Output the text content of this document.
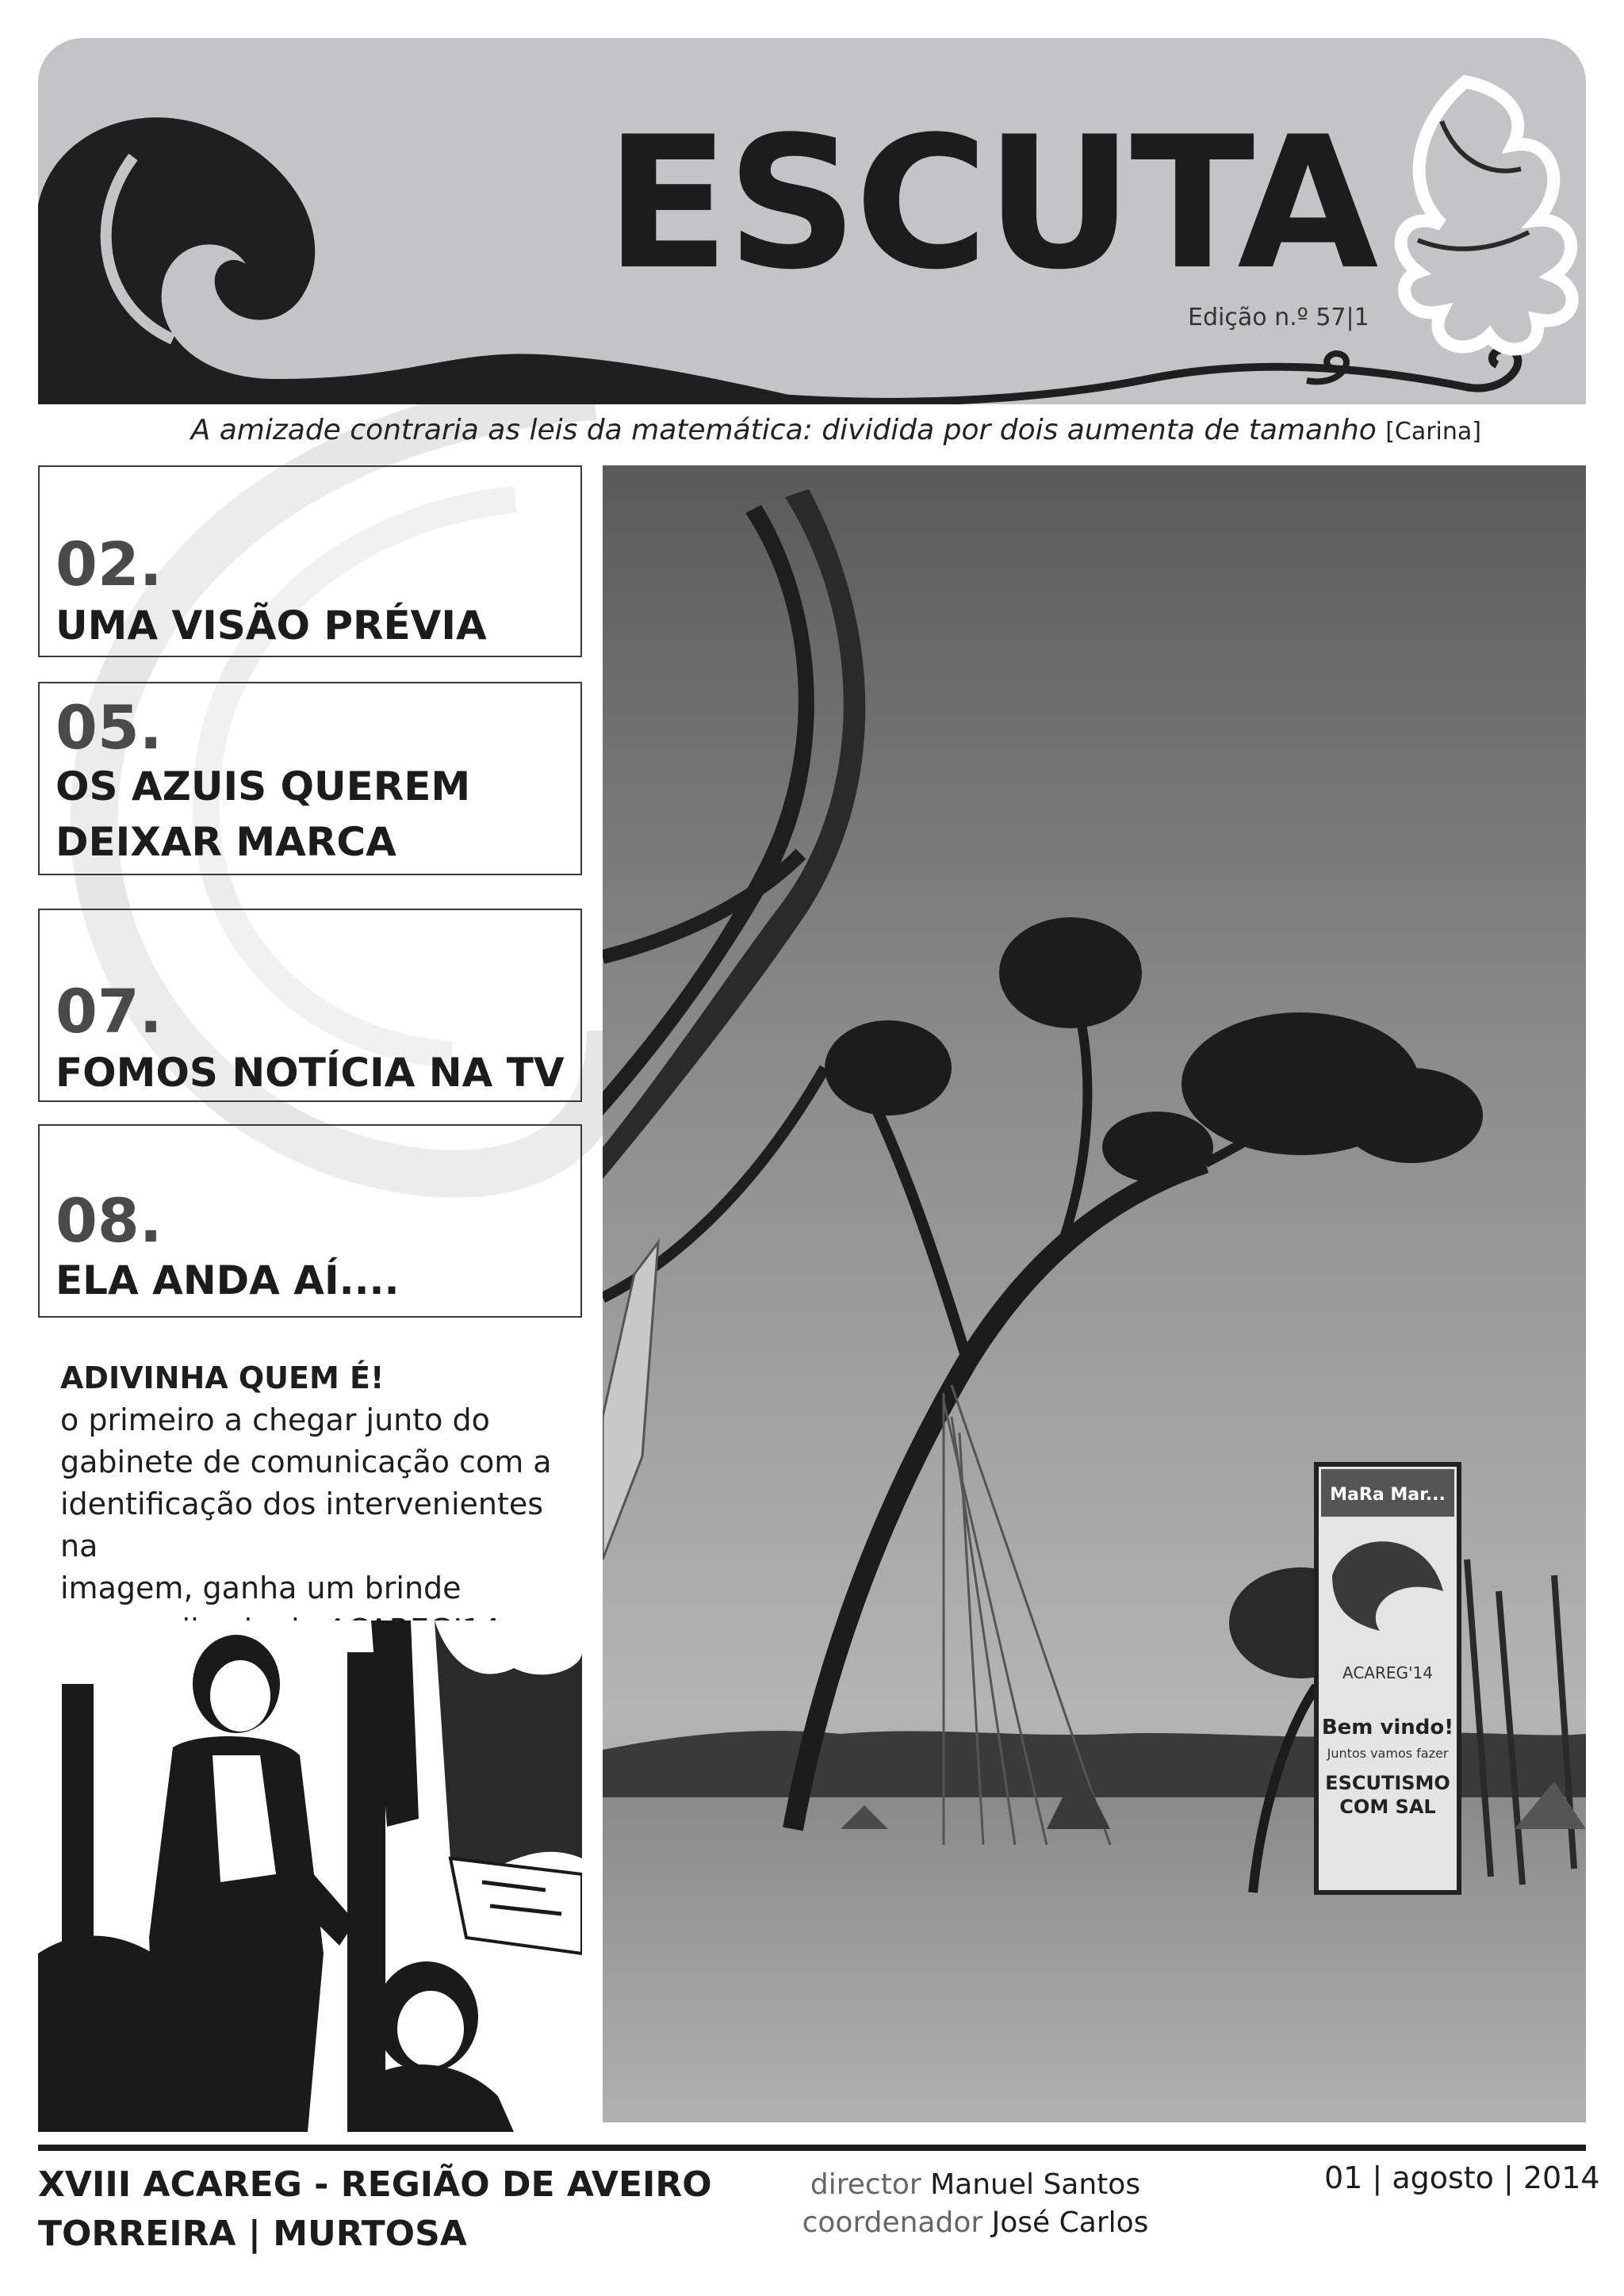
ESCUTA
Edição n.º 57|1
A amizade contraria as leis da matemática: dividida por dois aumenta de tamanho [Carina]
02.
UMA VISÃO PRÉVIA
05.
OS AZUIS QUEREM
DEIXAR MARCA
07.
FOMOS NOTÍCIA NA TV
08.
ELA ANDA AÍ....
ADIVINHA QUEM É!
o primeiro a chegar junto do
gabinete de comunicação com a
identificação dos intervenientes na
imagem, ganha um brinde
MaRa Mar...
ACAREG'14
Bem vindo!
Juntos vamos fazer
ESCUTISMO
COM SAL
XVIII ACAREG - REGIÃO DE AVEIRO
TORREIRA | MURTOSA
director Manuel Santos
coordenador José Carlos
01 | agosto | 2014
